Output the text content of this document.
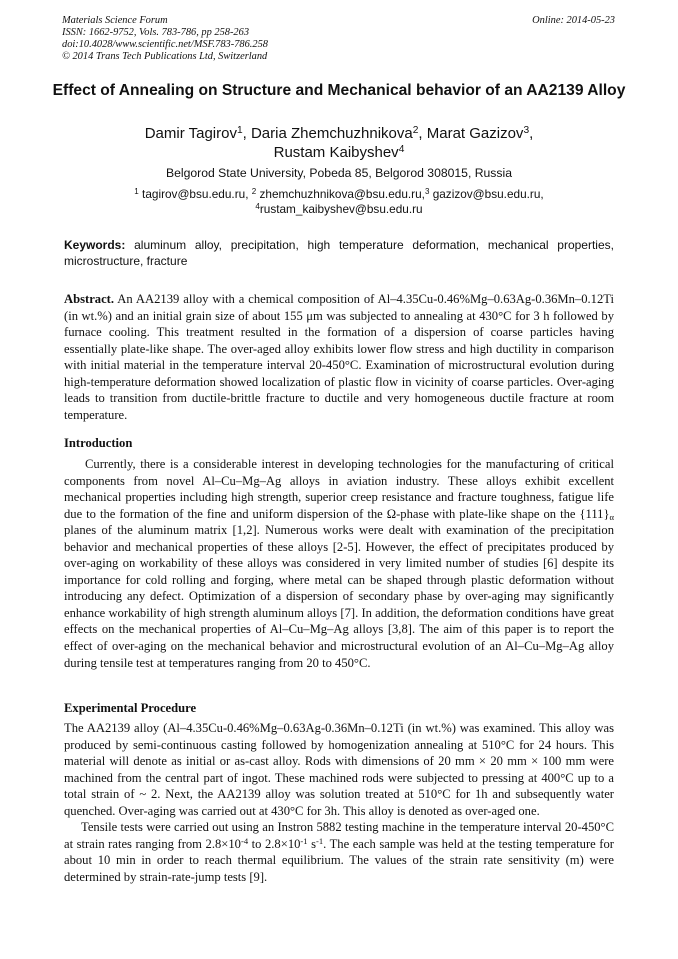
Materials Science Forum	Online: 2014-05-23
ISSN: 1662-9752, Vols. 783-786, pp 258-263
doi:10.4028/www.scientific.net/MSF.783-786.258
© 2014 Trans Tech Publications Ltd, Switzerland
Effect of Annealing on Structure and Mechanical behavior of an AA2139 Alloy
Damir Tagirov$^1$, Daria Zhemchuzhnikova$^2$, Marat Gazizov$^3$,
Rustam Kaibyshev$^4$
Belgorod State University, Pobeda 85, Belgorod 308015, Russia
$^1$ tagirov@bsu.edu.ru, $^2$ zhemchuzhnikova@bsu.edu.ru,$^3$ gazizov@bsu.edu.ru,
$^4$rustam_kaibyshev@bsu.edu.ru
Keywords: aluminum alloy, precipitation, high temperature deformation, mechanical properties, microstructure, fracture
Abstract. An AA2139 alloy with a chemical composition of Al–4.35Cu-0.46%Mg–0.63Ag-0.36Mn–0.12Ti (in wt.%) and an initial grain size of about 155 μm was subjected to annealing at 430°C for 3 h followed by furnace cooling. This treatment resulted in the formation of a dispersion of coarse particles having essentially plate-like shape. The over-aged alloy exhibits lower flow stress and high ductility in comparison with initial material in the temperature interval 20-450°C. Examination of microstructural evolution during high-temperature deformation showed localization of plastic flow in vicinity of coarse particles. Over-aging leads to transition from ductile-brittle fracture to ductile and very homogeneous ductile fracture at room temperature.
Introduction

Currently, there is a considerable interest in developing technologies for the manufacturing of critical components from novel Al–Cu–Mg–Ag alloys in aviation industry. These alloys exhibit excellent mechanical properties including high strength, superior creep resistance and fracture toughness, fatigue life due to the formation of the fine and uniform dispersion of the Ω-phase with plate-like shape on the $\{111\}_\alpha$ planes of the aluminum matrix [1,2]. Numerous works were dealt with examination of the precipitation behavior and mechanical properties of these alloys [2-5]. However, the effect of precipitates produced by over-aging on workability of these alloys was considered in very limited number of studies [6] despite its importance for cold rolling and forging, where metal can be shaped through plastic deformation without introducing any defect. Optimization of a dispersion of secondary phase by over-aging may significantly enhance workability of high strength aluminum alloys [7]. In addition, the deformation conditions have great effects on the mechanical properties of Al–Cu–Mg–Ag alloys [3,8]. The aim of this paper is to report the effect of over-aging on the mechanical behavior and microstructural evolution of an Al–Cu–Mg–Ag alloy during tensile test at temperatures ranging from 20 to 450°C.

Experimental Procedure

The AA2139 alloy (Al–4.35Cu-0.46%Mg–0.63Ag-0.36Mn–0.12Ti (in wt.%) was examined. This alloy was produced by semi-continuous casting followed by homogenization annealing at 510°C for 24 hours. This material will denote as initial or as-cast alloy. Rods with dimensions of 20 mm × 20 mm × 100 mm were machined from the central part of ingot. These machined rods were subjected to pressing at 400°C up to a total strain of ~ 2. Next, the AA2139 alloy was solution treated at 510°C for 1h and subsequently water quenched. Over-aging was carried out at 430°C for 3h. This alloy is denoted as over-aged one.

Tensile tests were carried out using an Instron 5882 testing machine in the temperature interval 20-450°C at strain rates ranging from $2.8\times 10^{-4}$ to $2.8\times 10^{-1}$ $s^{-1}$. The each sample was held at the testing temperature for about 10 min in order to reach thermal equilibrium. The values of the strain rate sensitivity (m) were determined by strain-rate-jump tests [9].
